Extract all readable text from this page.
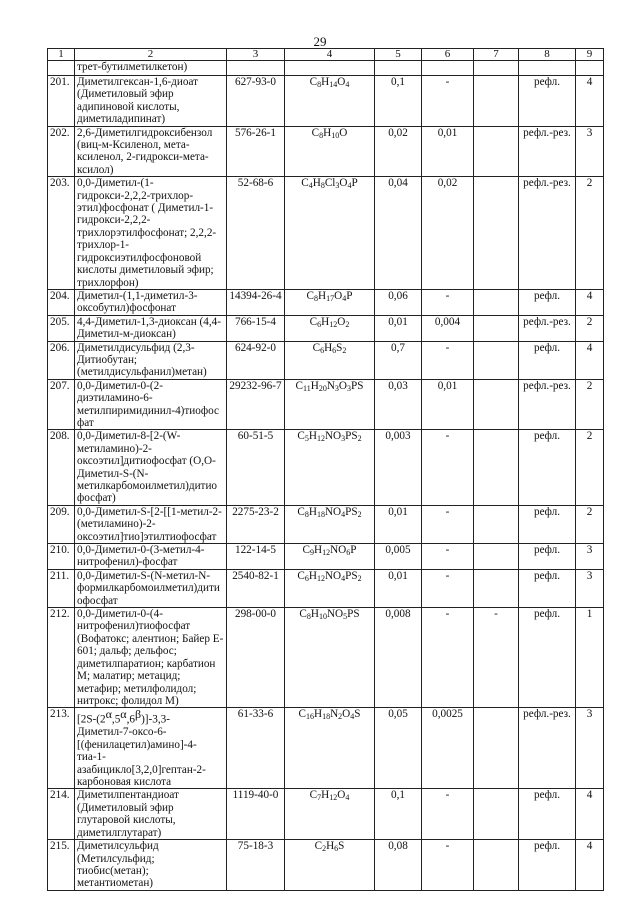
29
1	2	3	4	5	6	7	8	9
	трет-бутилметилкетон)							
201.	Диметилгексан-1,6-диоат (Диметиловый эфир адипиновой кислоты, диметиладипинат)	627-93-0	$C_8H_{14}O_4$	0,1	-		рефл.	4
202.	2,6-Диметилгидроксибензол (виц-м-Ксиленол, мета-ксиленол, 2-гидрокси-мета-ксилол)	576-26-1	$C_8H_{10}O$	0,02	0,01		рефл.-рез.	3
203.	0,0-Диметил-(1-гидрокси-2,2,2-трихлор-этил)фосфонат ( Диметил-1-гидрокси-2,2,2-трихлорэтилфосфонат; 2,2,2-трихлор-1-гидроксиэтилфосфоновой кислоты диметиловый эфир; трихлорфон)	52-68-6	$C_4H_8Cl_3O_4P$	0,04	0,02		рефл.-рез.	2
204.	Диметил-(1,1-диметил-3-оксобутил)фосфонат	14394-26-4	$C_8H_{17}O_4P$	0,06	-		рефл.	4
205.	4,4-Диметил-1,3-диоксан (4,4-Диметил-м-диоксан)	766-15-4	$C_6H_{12}O_2$	0,01	0,004		рефл.-рез.	2
206.	Диметилдисульфид (2,3-Дитиобутан; (метилдисульфанил)метан)	624-92-0	$C_6H_6S_2$	0,7	-		рефл.	4
207.	0,0-Диметил-0-(2-диэтиламино-6-метилпиримидинил-4)тиофосфат	29232-96-7	$C_{11}H_{20}N_3O_3PS$	0,03	0,01		рефл.-рез.	2
208.	0,0-Диметил-8-[2-(W-метиламино)-2-оксоэтил]дитиофосфат (O,O-Диметил-S-(N-метилкарбомоилметил)дитиофосфат)	60-51-5	$C_5H_{12}NO_3PS_2$	0,003	-		рефл.	2
209.	0,0-Диметил-S-[2-[[1-метил-2-(метиламино)-2-оксоэтил]тио]этилтиофосфат	2275-23-2	$C_8H_{18}NO_4PS_2$	0,01	-		рефл.	2
210.	0,0-Диметил-0-(3-метил-4-нитрофенил)-фосфат	122-14-5	$C_9H_{12}NO_6P$	0,005	-		рефл.	3
211.	0,0-Диметил-S-(N-метил-N-формилкарбомоилметил)дитиофосфат	2540-82-1	$C_6H_{12}NO_4PS_2$	0,01	-		рефл.	3
212.	0,0-Диметил-0-(4-нитрофенил)тиофосфат (Вофатокс; алентион; Байер E-601; дальф; дельфос; диметилпаратион; карбатион М; малатир; метацид; метафир; метилфолидол; нитрокс; фолидол М)	298-00-0	$C_8H_{10}NO_5PS$	0,008	-	-	рефл.	1
213.	$[2S-(2^\alpha,5^\alpha,6^\beta)]-3,3-Диметил-7-оксо-6-[(фенилацетил)амино]-4-тиа-1-азабицикло[3,2,0]гептан-2$-карбоновая кислота	61-33-6	$C_{16}H_{18}N_2O_4S$	0,05	0,0025		рефл.-рез.	3
214.	Диметилпентандиоат (Диметиловый эфир глутаровой кислоты, диметилглутарат)	1119-40-0	$C_7H_{12}O_4$	0,1	-		рефл.	4
215.	Диметилсульфид (Метилсульфид; тиобис(метан); метантиометан)	75-18-3	$C_2H_6S$	0,08	-		рефл.	4
